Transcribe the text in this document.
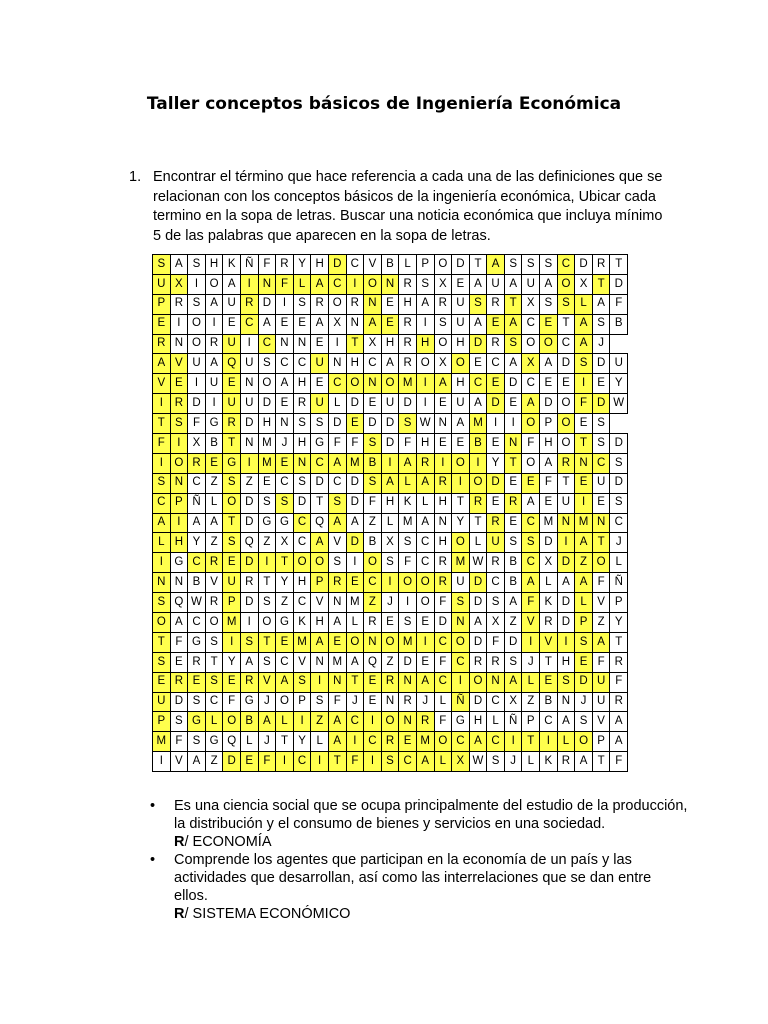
Taller conceptos básicos de Ingeniería Económica
1. Encontrar el término que hace referencia a cada una de las definiciones que se relacionan con los conceptos básicos de la ingeniería económica, Ubicar cada termino en la sopa de letras. Buscar una noticia económica que incluya mínimo 5 de las palabras que aparecen en la sopa de letras.
S	A	S	H	K	Ñ	F	R	Y	H	D	C	V	B	L	P	O	D	T	A	S	S	S	C	D	R	T
U	X	I	O	A	I	N	F	L	A	C	I	O	N	R	S	X	E	A	U	A	U	A	O	X	T	D
P	R	S	A	U	R	D	I	S	R	O	R	N	E	H	A	R	U	S	R	T	X	S	S	L	A	F
E	I	O	I	E	C	A	E	E	A	X	N	A	E	R	I	S	U	A	E	A	C	E	T	A	S	B
R	N	O	R	U	I	C	N	N	E	I	T	X	H	R	H	O	H	D	R	S	O	O	C	A	J	
A	V	U	A	Q	U	S	C	C	U	N	H	C	A	R	O	X	O	E	C	A	X	A	D	S	D	U
V	E	I	U	E	N	O	A	H	E	C	O	N	O	M	I	A	H	C	E	D	C	E	E	I	E	Y
I	R	D	I	U	U	D	E	R	U	L	D	E	U	D	I	E	U	A	D	E	A	D	O	F	D	W
T	S	F	G	R	D	H	N	S	S	D	E	D	D	S	W	N	A	M	I	I	O	P	O	E	S	
F	I	X	B	T	N	M	J	H	G	F	F	S	D	F	H	E	E	B	E	N	F	H	O	T	S	D
I	O	R	E	G	I	M	E	N	C	A	M	B	I	A	R	I	O	I	Y	T	O	A	R	N	C	S
S	N	C	Z	S	Z	E	C	S	D	C	D	S	A	L	A	R	I	O	D	E	E	F	T	E	U	D
C	P	Ñ	L	O	D	S	S	D	T	S	D	F	H	K	L	H	T	R	E	R	A	E	U	I	E	S
A	I	A	A	T	D	G	G	C	Q	A	A	Z	L	M	A	N	Y	T	R	E	C	M	N	M	N	C
L	H	Y	Z	S	Q	Z	X	C	A	V	D	B	X	S	C	H	O	L	U	S	S	D	I	A	T	J
I	G	C	R	E	D	I	T	O	O	S	I	O	S	F	C	R	M	W	R	B	C	X	D	Z	O	L
N	N	B	V	U	R	T	Y	H	P	R	E	C	I	O	O	R	U	D	C	B	A	L	A	A	F	Ñ
S	Q	W	R	P	D	S	Z	C	V	N	M	Z	J	I	O	F	S	D	S	A	F	K	D	L	V	P
O	A	C	O	M	I	O	G	K	H	A	L	R	E	S	E	D	N	A	X	Z	V	R	D	P	Z	Y
T	F	G	S	I	S	T	E	M	A	E	O	N	O	M	I	C	O	D	F	D	I	V	I	S	A	T
S	E	R	T	Y	A	S	C	V	N	M	A	Q	Z	D	E	F	C	R	R	S	J	T	H	E	F	R
E	R	E	S	E	R	V	A	S	I	N	T	E	R	N	A	C	I	O	N	A	L	E	S	D	U	F
U	D	S	C	F	G	J	O	P	S	F	J	E	N	R	J	L	Ñ	D	C	X	Z	B	N	J	U	R
P	S	G	L	O	B	A	L	I	Z	A	C	I	O	N	R	F	G	H	L	Ñ	P	C	A	S	V	A
M	F	S	G	Q	L	J	T	Y	L	A	I	C	R	E	M	O	C	A	C	I	T	I	L	O	P	A
I	V	A	Z	D	E	F	I	C	I	T	F	I	S	C	A	L	X	W	S	J	L	K	R	A	T	F
• Es una ciencia social que se ocupa principalmente del estudio de la producción, la distribución y el consumo de bienes y servicios en una sociedad.
R/ ECONOMÍA
• Comprende los agentes que participan en la economía de un país y las actividades que desarrollan, así como las interrelaciones que se dan entre ellos.
R/ SISTEMA ECONÓMICO
